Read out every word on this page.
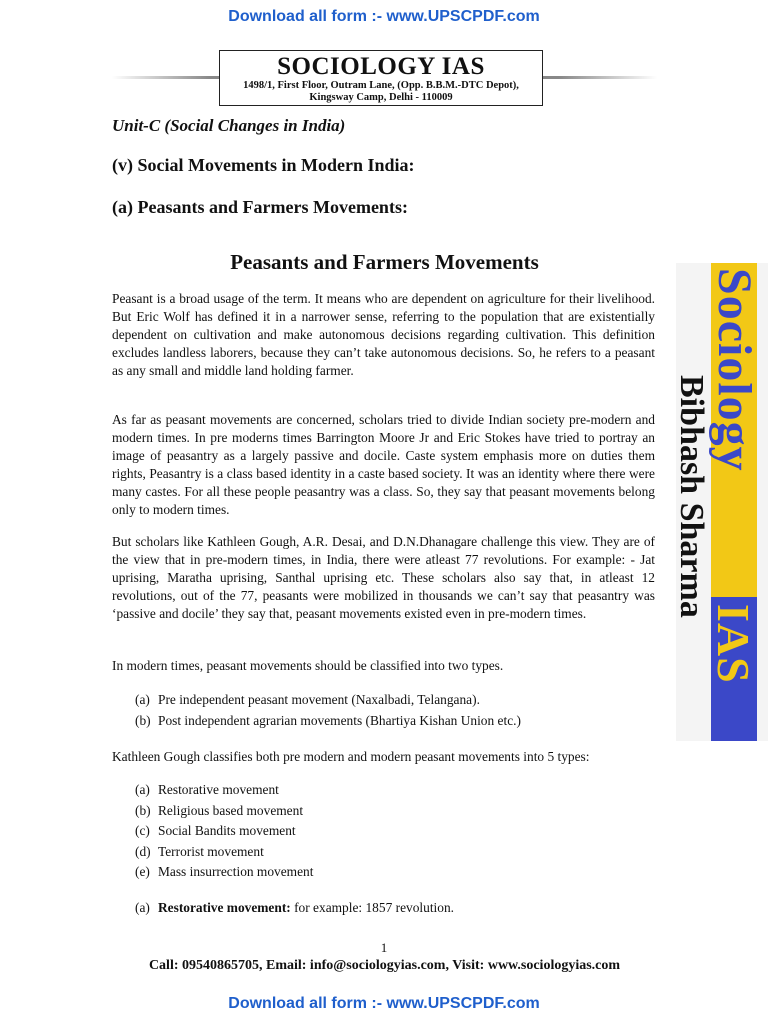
Download all form :- www.UPSCPDF.com
SOCIOLOGY IAS
1498/1, First Floor, Outram Lane, (Opp. B.B.M.-DTC Depot),
Kingsway Camp, Delhi - 110009
Unit-C (Social Changes in India)
(v) Social Movements in Modern India:
(a) Peasants and Farmers Movements:
Peasants and Farmers Movements

Peasant is a broad usage of the term. It means who are dependent on agriculture for their livelihood. But Eric Wolf has defined it in a narrower sense, referring to the population that are existentially dependent on cultivation and make autonomous decisions regarding cultivation. This definition excludes landless laborers, because they can’t take autonomous decisions. So, he refers to a peasant as any small and middle land holding farmer.

As far as peasant movements are concerned, scholars tried to divide Indian society pre-modern and modern times. In pre moderns times Barrington Moore Jr and Eric Stokes have tried to portray an image of peasantry as a largely passive and docile. Caste system emphasis more on duties them rights, Peasantry is a class based identity in a caste based society. It was an identity where there were many castes. For all these people peasantry was a class. So, they say that peasant movements belong only to modern times.

But scholars like Kathleen Gough, A.R. Desai, and D.N.Dhanagare challenge this view. They are of the view that in pre-modern times, in India, there were atleast 77 revolutions. For example: - Jat uprising, Maratha uprising, Santhal uprising etc. These scholars also say that, in atleast 12 revolutions, out of the 77, peasants were mobilized in thousands we can’t say that peasantry was ‘passive and docile’ they say that, peasant movements existed even in pre-modern times.

In modern times, peasant movements should be classified into two types.

(a) Pre independent peasant movement (Naxalbadi, Telangana).
(b) Post independent agrarian movements (Bhartiya Kishan Union etc.)

Kathleen Gough classifies both pre modern and modern peasant movements into 5 types:

(a) Restorative movement
(b) Religious based movement
(c) Social Bandits movement
(d) Terrorist movement
(e) Mass insurrection movement
(a) Restorative movement: for example: 1857 revolution.
1
Call: 09540865705, Email: info@sociologyias.com, Visit: www.sociologyias.com
Sociology
IAS
Bibhash Sharma
Download all form :- www.UPSCPDF.com
